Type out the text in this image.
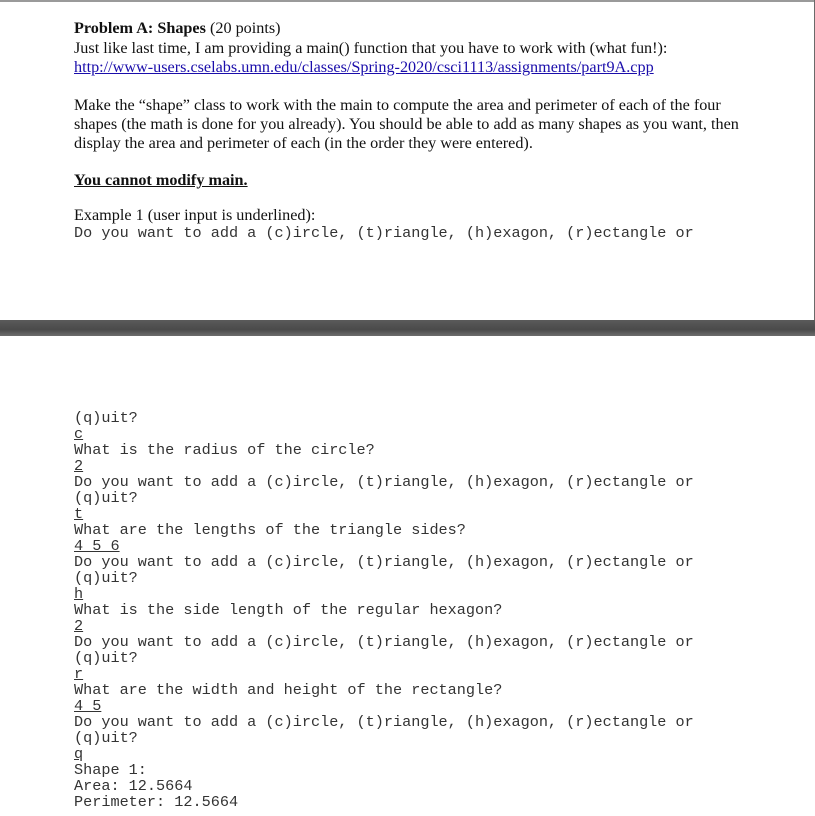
Problem A: Shapes (20 points)
Just like last time, I am providing a main() function that you have to work with (what fun!):
http://www-users.cselabs.umn.edu/classes/Spring-2020/csci1113/assignments/part9A.cpp
Make the “shape” class to work with the main to compute the area and perimeter of each of the four
shapes (the math is done for you already). You should be able to add as many shapes as you want, then
display the area and perimeter of each (in the order they were entered).
You cannot modify main.
Example 1 (user input is underlined):
Do you want to add a (c)ircle, (t)riangle, (h)exagon, (r)ectangle or
(q)uit?
c
What is the radius of the circle?
2
Do you want to add a (c)ircle, (t)riangle, (h)exagon, (r)ectangle or
(q)uit?
t
What are the lengths of the triangle sides?
4 5 6
Do you want to add a (c)ircle, (t)riangle, (h)exagon, (r)ectangle or
(q)uit?
h
What is the side length of the regular hexagon?
2
Do you want to add a (c)ircle, (t)riangle, (h)exagon, (r)ectangle or
(q)uit?
r
What are the width and height of the rectangle?
4 5
Do you want to add a (c)ircle, (t)riangle, (h)exagon, (r)ectangle or
(q)uit?
q
Shape 1:
Area: 12.5664
Perimeter: 12.5664
